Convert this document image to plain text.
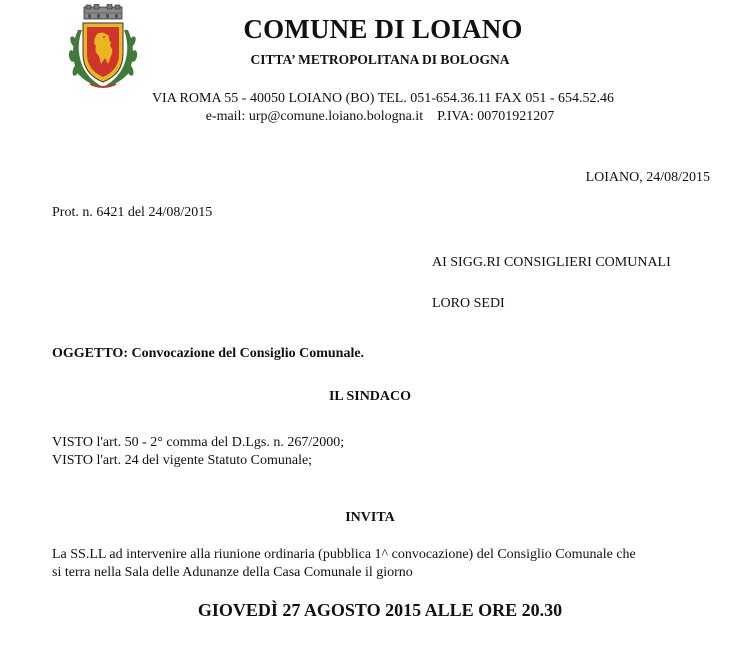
COMUNE DI LOIANO
CITTA’ METROPOLITANA DI BOLOGNA
VIA ROMA 55 - 40050 LOIANO (BO) TEL. 051-654.36.11 FAX 051 - 654.52.46
e-mail: urp@comune.loiano.bologna.it    P.IVA: 00701921207
LOIANO, 24/08/2015
Prot. n. 6421 del 24/08/2015
AI SIGG.RI CONSIGLIERI COMUNALI
LORO SEDI
OGGETTO: Convocazione del Consiglio Comunale.
IL SINDACO
VISTO l'art. 50 - 2° comma del D.Lgs. n. 267/2000;
VISTO l'art. 24 del vigente Statuto Comunale;
INVITA
La SS.LL ad intervenire alla riunione ordinaria (pubblica 1^ convocazione) del Consiglio Comunale che
si terra nella Sala delle Adunanze della Casa Comunale il giorno
GIOVEDÌ 27 AGOSTO 2015 ALLE ORE 20.30
